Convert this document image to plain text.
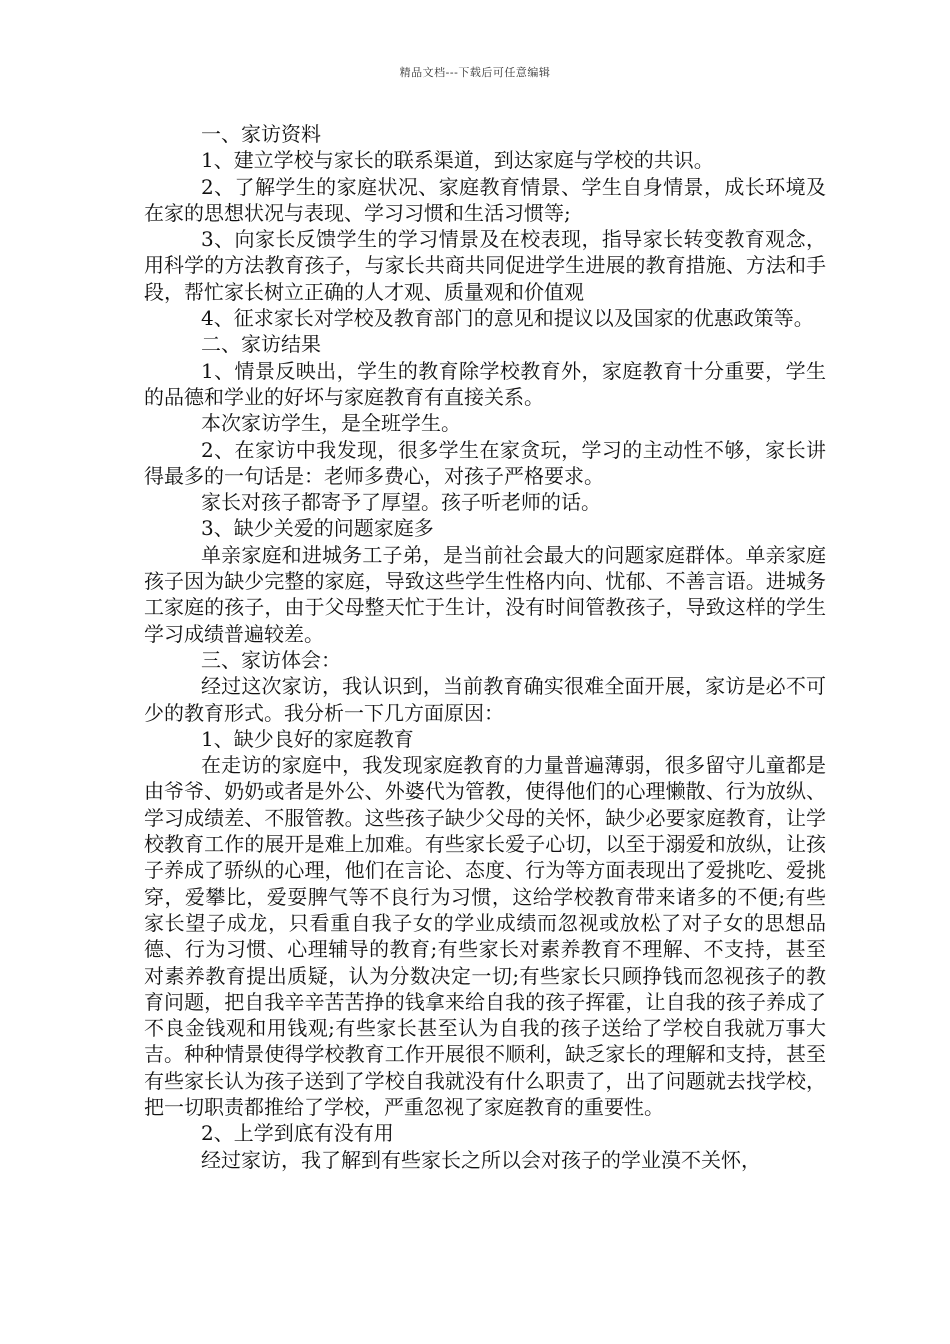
精品文档---下载后可任意编辑

一、家访资料

1、建立学校与家长的联系渠道，到达家庭与学校的共识。

2、了解学生的家庭状况、家庭教育情景、学生自身情景，成长环境及在家的思想状况与表现、学习习惯和生活习惯等;

3、向家长反馈学生的学习情景及在校表现，指导家长转变教育观念，用科学的方法教育孩子，与家长共商共同促进学生进展的教育措施、方法和手段，帮忙家长树立正确的人才观、质量观和价值观

4、征求家长对学校及教育部门的意见和提议以及国家的优惠政策等。

二、家访结果

1、情景反映出，学生的教育除学校教育外，家庭教育十分重要，学生的品德和学业的好坏与家庭教育有直接关系。

本次家访学生，是全班学生。

2、在家访中我发现，很多学生在家贪玩，学习的主动性不够，家长讲得最多的一句话是：老师多费心，对孩子严格要求。

家长对孩子都寄予了厚望。孩子听老师的话。

3、缺少关爱的问题家庭多

单亲家庭和进城务工子弟，是当前社会最大的问题家庭群体。单亲家庭孩子因为缺少完整的家庭，导致这些学生性格内向、忧郁、不善言语。进城务工家庭的孩子，由于父母整天忙于生计，没有时间管教孩子，导致这样的学生学习成绩普遍较差。

三、家访体会：

经过这次家访，我认识到，当前教育确实很难全面开展，家访是必不可少的教育形式。我分析一下几方面原因：

1、缺少良好的家庭教育

在走访的家庭中，我发现家庭教育的力量普遍薄弱，很多留守儿童都是由爷爷、奶奶或者是外公、外婆代为管教，使得他们的心理懒散、行为放纵、学习成绩差、不服管教。这些孩子缺少父母的关怀，缺少必要家庭教育，让学校教育工作的展开是难上加难。有些家长爱子心切，以至于溺爱和放纵，让孩子养成了骄纵的心理，他们在言论、态度、行为等方面表现出了爱挑吃、爱挑穿，爱攀比，爱耍脾气等不良行为习惯，这给学校教育带来诸多的不便;有些家长望子成龙，只看重自我子女的学业成绩而忽视或放松了对子女的思想品德、行为习惯、心理辅导的教育;有些家长对素养教育不理解、不支持，甚至对素养教育提出质疑，认为分数决定一切;有些家长只顾挣钱而忽视孩子的教育问题，把自我辛辛苦苦挣的钱拿来给自我的孩子挥霍，让自我的孩子养成了不良金钱观和用钱观;有些家长甚至认为自我的孩子送给了学校自我就万事大吉。种种情景使得学校教育工作开展很不顺利，缺乏家长的理解和支持，甚至有些家长认为孩子送到了学校自我就没有什么职责了，出了问题就去找学校，把一切职责都推给了学校，严重忽视了家庭教育的重要性。

2、上学到底有没有用

经过家访，我了解到有些家长之所以会对孩子的学业漠不关怀，
